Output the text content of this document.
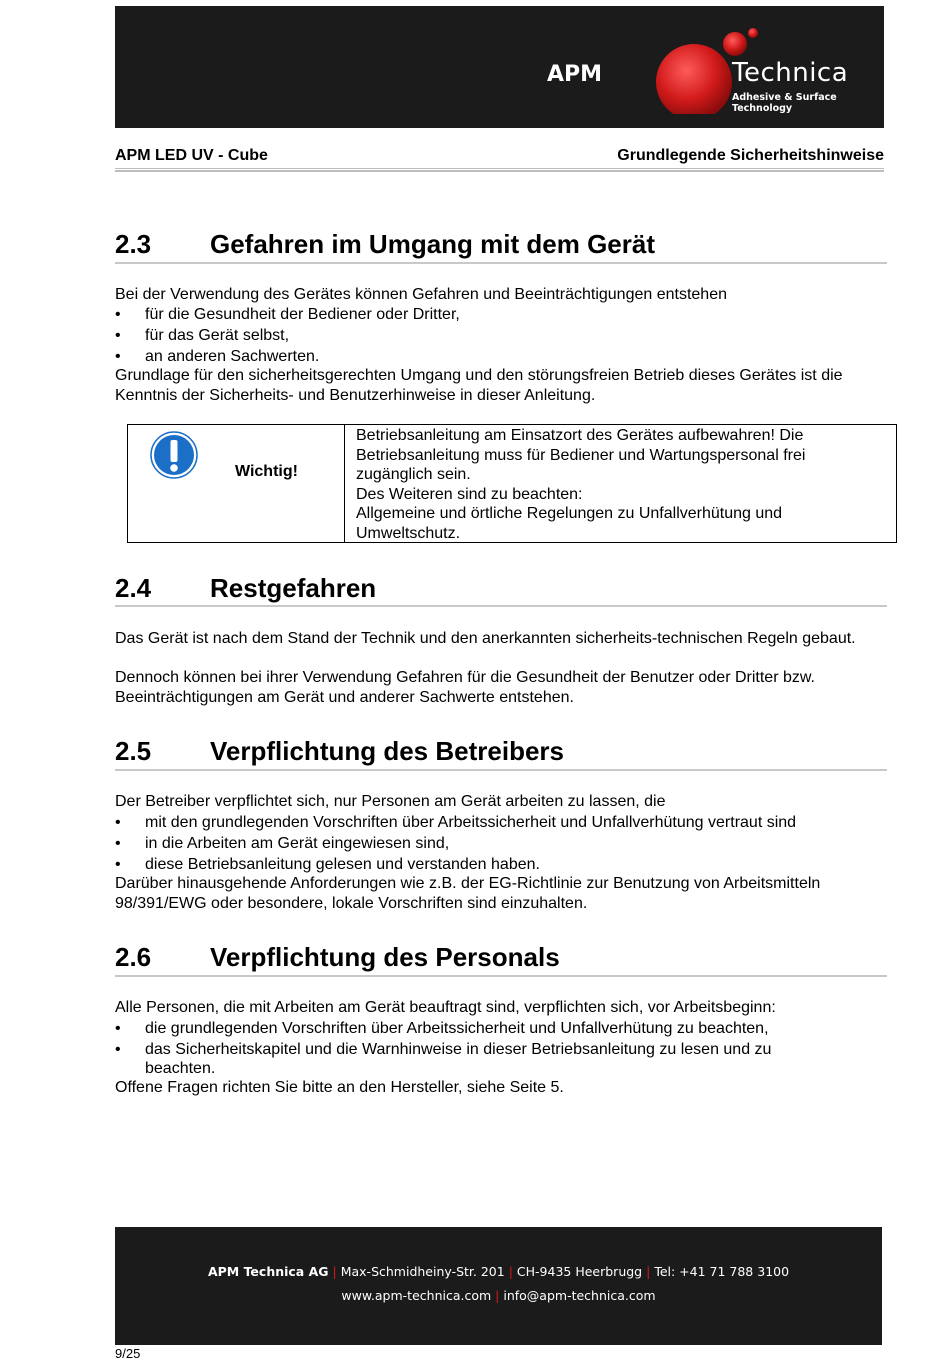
APM	Technica
Adhesive & Surface Technology
APM LED UV - Cube	Grundlegende Sicherheitshinweise
2.3 Gefahren im Umgang mit dem Gerät

Bei der Verwendung des Gerätes können Gefahren und Beeinträchtigungen entstehen

• für die Gesundheit der Bediener oder Dritter,
• für das Gerät selbst,
• an anderen Sachwerten.

Grundlage für den sicherheitsgerechten Umgang und den störungsfreien Betrieb dieses Gerätes ist die Kenntnis der Sicherheits- und Benutzerhinweise in dieser Anleitung.

Wichtig!
Betriebsanleitung am Einsatzort des Gerätes aufbewahren! Die Betriebsanleitung muss für Bediener und Wartungspersonal frei zugänglich sein.
Des Weiteren sind zu beachten:
Allgemeine und örtliche Regelungen zu Unfallverhütung und Umweltschutz.
2.4 Restgefahren

Das Gerät ist nach dem Stand der Technik und den anerkannten sicherheits-technischen Regeln gebaut.

Dennoch können bei ihrer Verwendung Gefahren für die Gesundheit der Benutzer oder Dritter bzw. Beeinträchtigungen am Gerät und anderer Sachwerte entstehen.

2.5 Verpflichtung des Betreibers

Der Betreiber verpflichtet sich, nur Personen am Gerät arbeiten zu lassen, die

• mit den grundlegenden Vorschriften über Arbeitssicherheit und Unfallverhütung vertraut sind
• in die Arbeiten am Gerät eingewiesen sind,
• diese Betriebsanleitung gelesen und verstanden haben.

Darüber hinausgehende Anforderungen wie z.B. der EG-Richtlinie zur Benutzung von Arbeitsmitteln 98/391/EWG oder besondere, lokale Vorschriften sind einzuhalten.

2.6 Verpflichtung des Personals

Alle Personen, die mit Arbeiten am Gerät beauftragt sind, verpflichten sich, vor Arbeitsbeginn:

• die grundlegenden Vorschriften über Arbeitssicherheit und Unfallverhütung zu beachten,
• das Sicherheitskapitel und die Warnhinweise in dieser Betriebsanleitung zu lesen und zu
beachten.

Offene Fragen richten Sie bitte an den Hersteller, siehe Seite 5.

APM Technica AG | Max-Schmidheiny-Str. 201 | CH-9435 Heerbrugg | Tel: +41 71 788 3100
www.apm-technica.com | info@apm-technica.com
9/25
